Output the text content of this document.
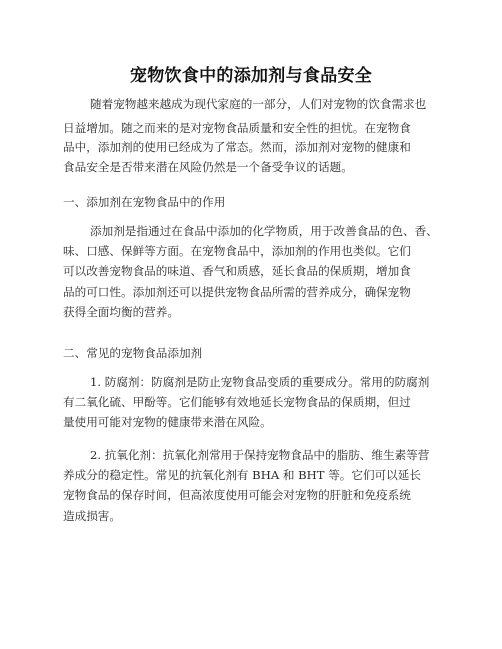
宠物饮食中的添加剂与食品安全
随着宠物越来越成为现代家庭的一部分，人们对宠物的饮食需求也
日益增加。随之而来的是对宠物食品质量和安全性的担忧。在宠物食
品中，添加剂的使用已经成为了常态。然而，添加剂对宠物的健康和
食品安全是否带来潜在风险仍然是一个备受争议的话题。
一、添加剂在宠物食品中的作用
添加剂是指通过在食品中添加的化学物质，用于改善食品的色、香、
味、口感、保鲜等方面。在宠物食品中，添加剂的作用也类似。它们
可以改善宠物食品的味道、香气和质感，延长食品的保质期，增加食
品的可口性。添加剂还可以提供宠物食品所需的营养成分，确保宠物
获得全面均衡的营养。
二、常见的宠物食品添加剂
1. 防腐剂：防腐剂是防止宠物食品变质的重要成分。常用的防腐剂
有二氧化硫、甲酚等。它们能够有效地延长宠物食品的保质期，但过
量使用可能对宠物的健康带来潜在风险。
2. 抗氧化剂：抗氧化剂常用于保持宠物食品中的脂肪、维生素等营
养成分的稳定性。常见的抗氧化剂有 BHA 和 BHT 等。它们可以延长
宠物食品的保存时间，但高浓度使用可能会对宠物的肝脏和免疫系统
造成损害。
